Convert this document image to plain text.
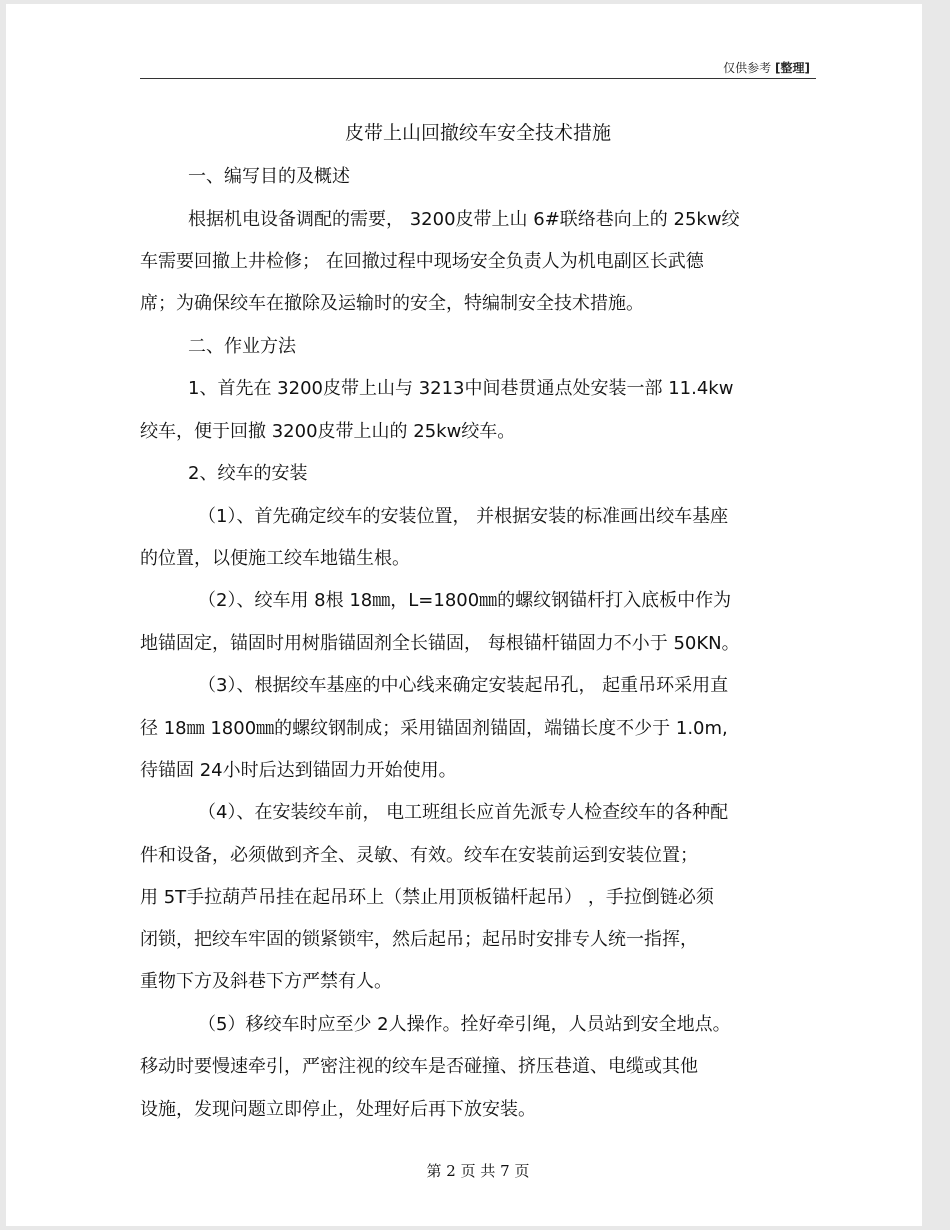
仅供参考 [整理]
皮带上山回撤绞车安全技术措施
一、编写目的及概述
根据机电设备调配的需要， 3200皮带上山 6#联络巷向上的 25kw绞
车需要回撤上井检修； 在回撤过程中现场安全负责人为机电副区长武德
席；为确保绞车在撤除及运输时的安全，特编制安全技术措施。
二、作业方法
1、首先在 3200皮带上山与 3213中间巷贯通点处安装一部 11.4kw
绞车，便于回撤 3200皮带上山的 25kw绞车。
2、绞车的安装
（1）、首先确定绞车的安装位置， 并根据安装的标准画出绞车基座
的位置，以便施工绞车地锚生根。
（2）、绞车用 8根 18㎜，L=1800㎜的螺纹钢锚杆打入底板中作为
地锚固定，锚固时用树脂锚固剂全长锚固， 每根锚杆锚固力不小于 50KN。
（3）、根据绞车基座的中心线来确定安装起吊孔， 起重吊环采用直
径 18㎜ 1800㎜的螺纹钢制成；采用锚固剂锚固，端锚长度不少于 1.0m,
待锚固 24小时后达到锚固力开始使用。
（4）、在安装绞车前， 电工班组长应首先派专人检查绞车的各种配
件和设备，必须做到齐全、灵敏、有效。绞车在安装前运到安装位置；
用 5T手拉葫芦吊挂在起吊环上（禁止用顶板锚杆起吊） ，手拉倒链必须
闭锁，把绞车牢固的锁紧锁牢，然后起吊；起吊时安排专人统一指挥，
重物下方及斜巷下方严禁有人。
（5）移绞车时应至少 2人操作。拴好牵引绳，人员站到安全地点。
移动时要慢速牵引，严密注视的绞车是否碰撞、挤压巷道、电缆或其他
设施，发现问题立即停止，处理好后再下放安装。
第 2 页 共 7 页
